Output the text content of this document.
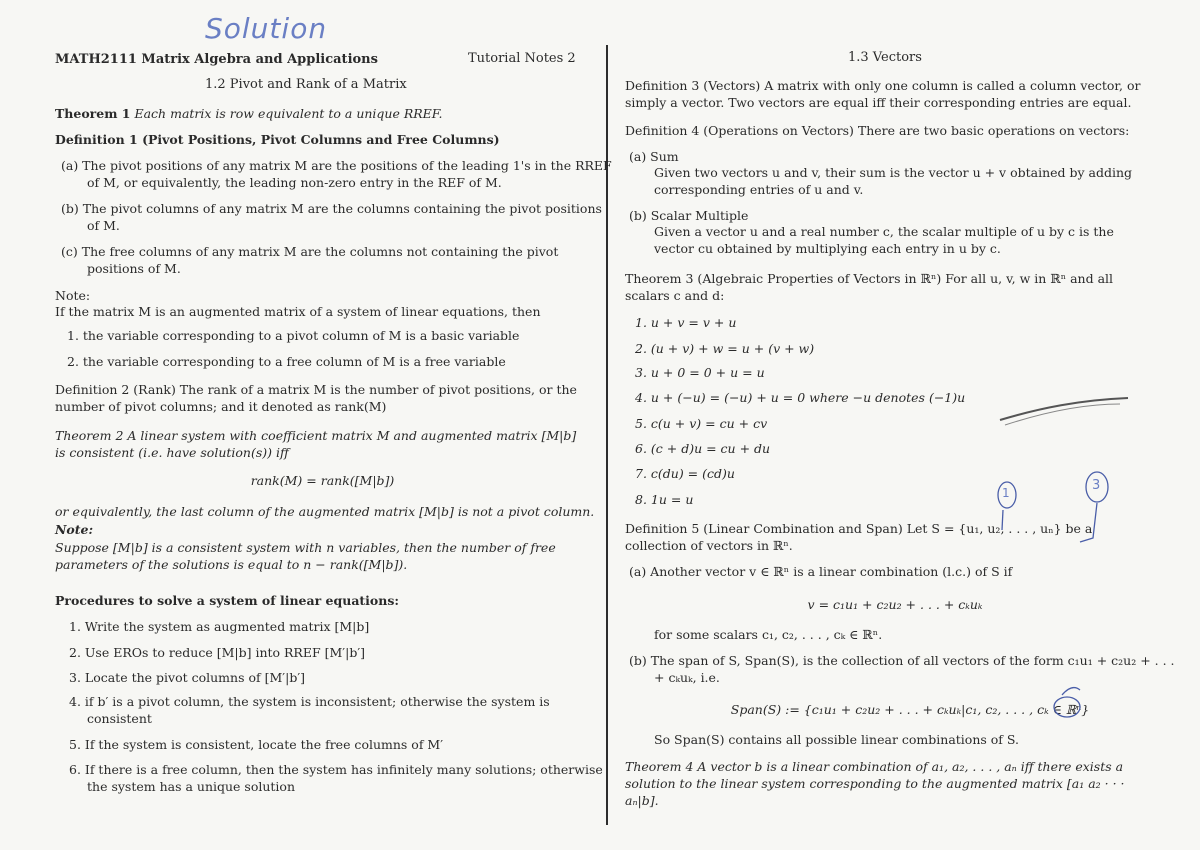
Solution
MATH2111 Matrix Algebra and Applications	Tutorial Notes 2
1.2 Pivot and Rank of a Matrix
Theorem 1 Each matrix is row equivalent to a unique RREF.
Definition 1 (Pivot Positions, Pivot Columns and Free Columns)
(a) The pivot positions of any matrix M are the positions of the leading 1's in the RREF of M, or equivalently, the leading non-zero entry in the REF of M.
(b) The pivot columns of any matrix M are the columns containing the pivot positions of M.
(c) The free columns of any matrix M are the columns not containing the pivot positions of M.
Note:
If the matrix M is an augmented matrix of a system of linear equations, then
1. the variable corresponding to a pivot column of M is a basic variable
2. the variable corresponding to a free column of M is a free variable
Definition 2 (Rank) The rank of a matrix M is the number of pivot positions, or the number of pivot columns; and it denoted as rank(M)
Theorem 2 A linear system with coefficient matrix M and augmented matrix [M|b] is consistent (i.e. have solution(s)) iff
rank(M) = rank([M|b])
or equivalently, the last column of the augmented matrix [M|b] is not a pivot column.
Note:
Suppose [M|b] is a consistent system with n variables, then the number of free parameters of the solutions is equal to n − rank([M|b]).
Procedures to solve a system of linear equations:
1. Write the system as augmented matrix [M|b]
2. Use EROs to reduce [M|b] into RREF [M′|b′]
3. Locate the pivot columns of [M′|b′]
4. if b′ is a pivot column, the system is inconsistent; otherwise the system is consistent
5. If the system is consistent, locate the free columns of M′
6. If there is a free column, then the system has infinitely many solutions; otherwise the system has a unique solution
1.3 Vectors
Definition 3 (Vectors) A matrix with only one column is called a column vector, or simply a vector. Two vectors are equal iff their corresponding entries are equal.
Definition 4 (Operations on Vectors) There are two basic operations on vectors:
(a) Sum
Given two vectors u and v, their sum is the vector u + v obtained by adding corresponding entries of u and v.
(b) Scalar Multiple
Given a vector u and a real number c, the scalar multiple of u by c is the vector cu obtained by multiplying each entry in u by c.
Theorem 3 (Algebraic Properties of Vectors in ℝⁿ) For all u, v, w in ℝⁿ and all scalars c and d:
1. u + v = v + u
2. (u + v) + w = u + (v + w)
3. u + 0 = 0 + u = u
4. u + (−u) = (−u) + u = 0 where −u denotes (−1)u
5. c(u + v) = cu + cv
6. (c + d)u = cu + du
7. c(du) = (cd)u
8. 1u = u
Definition 5 (Linear Combination and Span) Let S = {u₁, u₂, . . . , uₙ} be a collection of vectors in ℝⁿ.
(a) Another vector v ∈ ℝⁿ is a linear combination (l.c.) of S if
v = c₁u₁ + c₂u₂ + . . . + cₖuₖ
for some scalars c₁, c₂, . . . , cₖ ∈ ℝⁿ.
(b) The span of S, Span(S), is the collection of all vectors of the form c₁u₁ + c₂u₂ + . . . + cₖuₖ, i.e.
Span(S) := {c₁u₁ + c₂u₂ + . . . + cₖuₖ|c₁, c₂, . . . , cₖ ∈ ℝⁿ}
So Span(S) contains all possible linear combinations of S.
Theorem 4 A vector b is a linear combination of a₁, a₂, . . . , aₙ iff there exists a solution to the linear system corresponding to the augmented matrix [a₁ a₂ · · · aₙ|b].
1	3
